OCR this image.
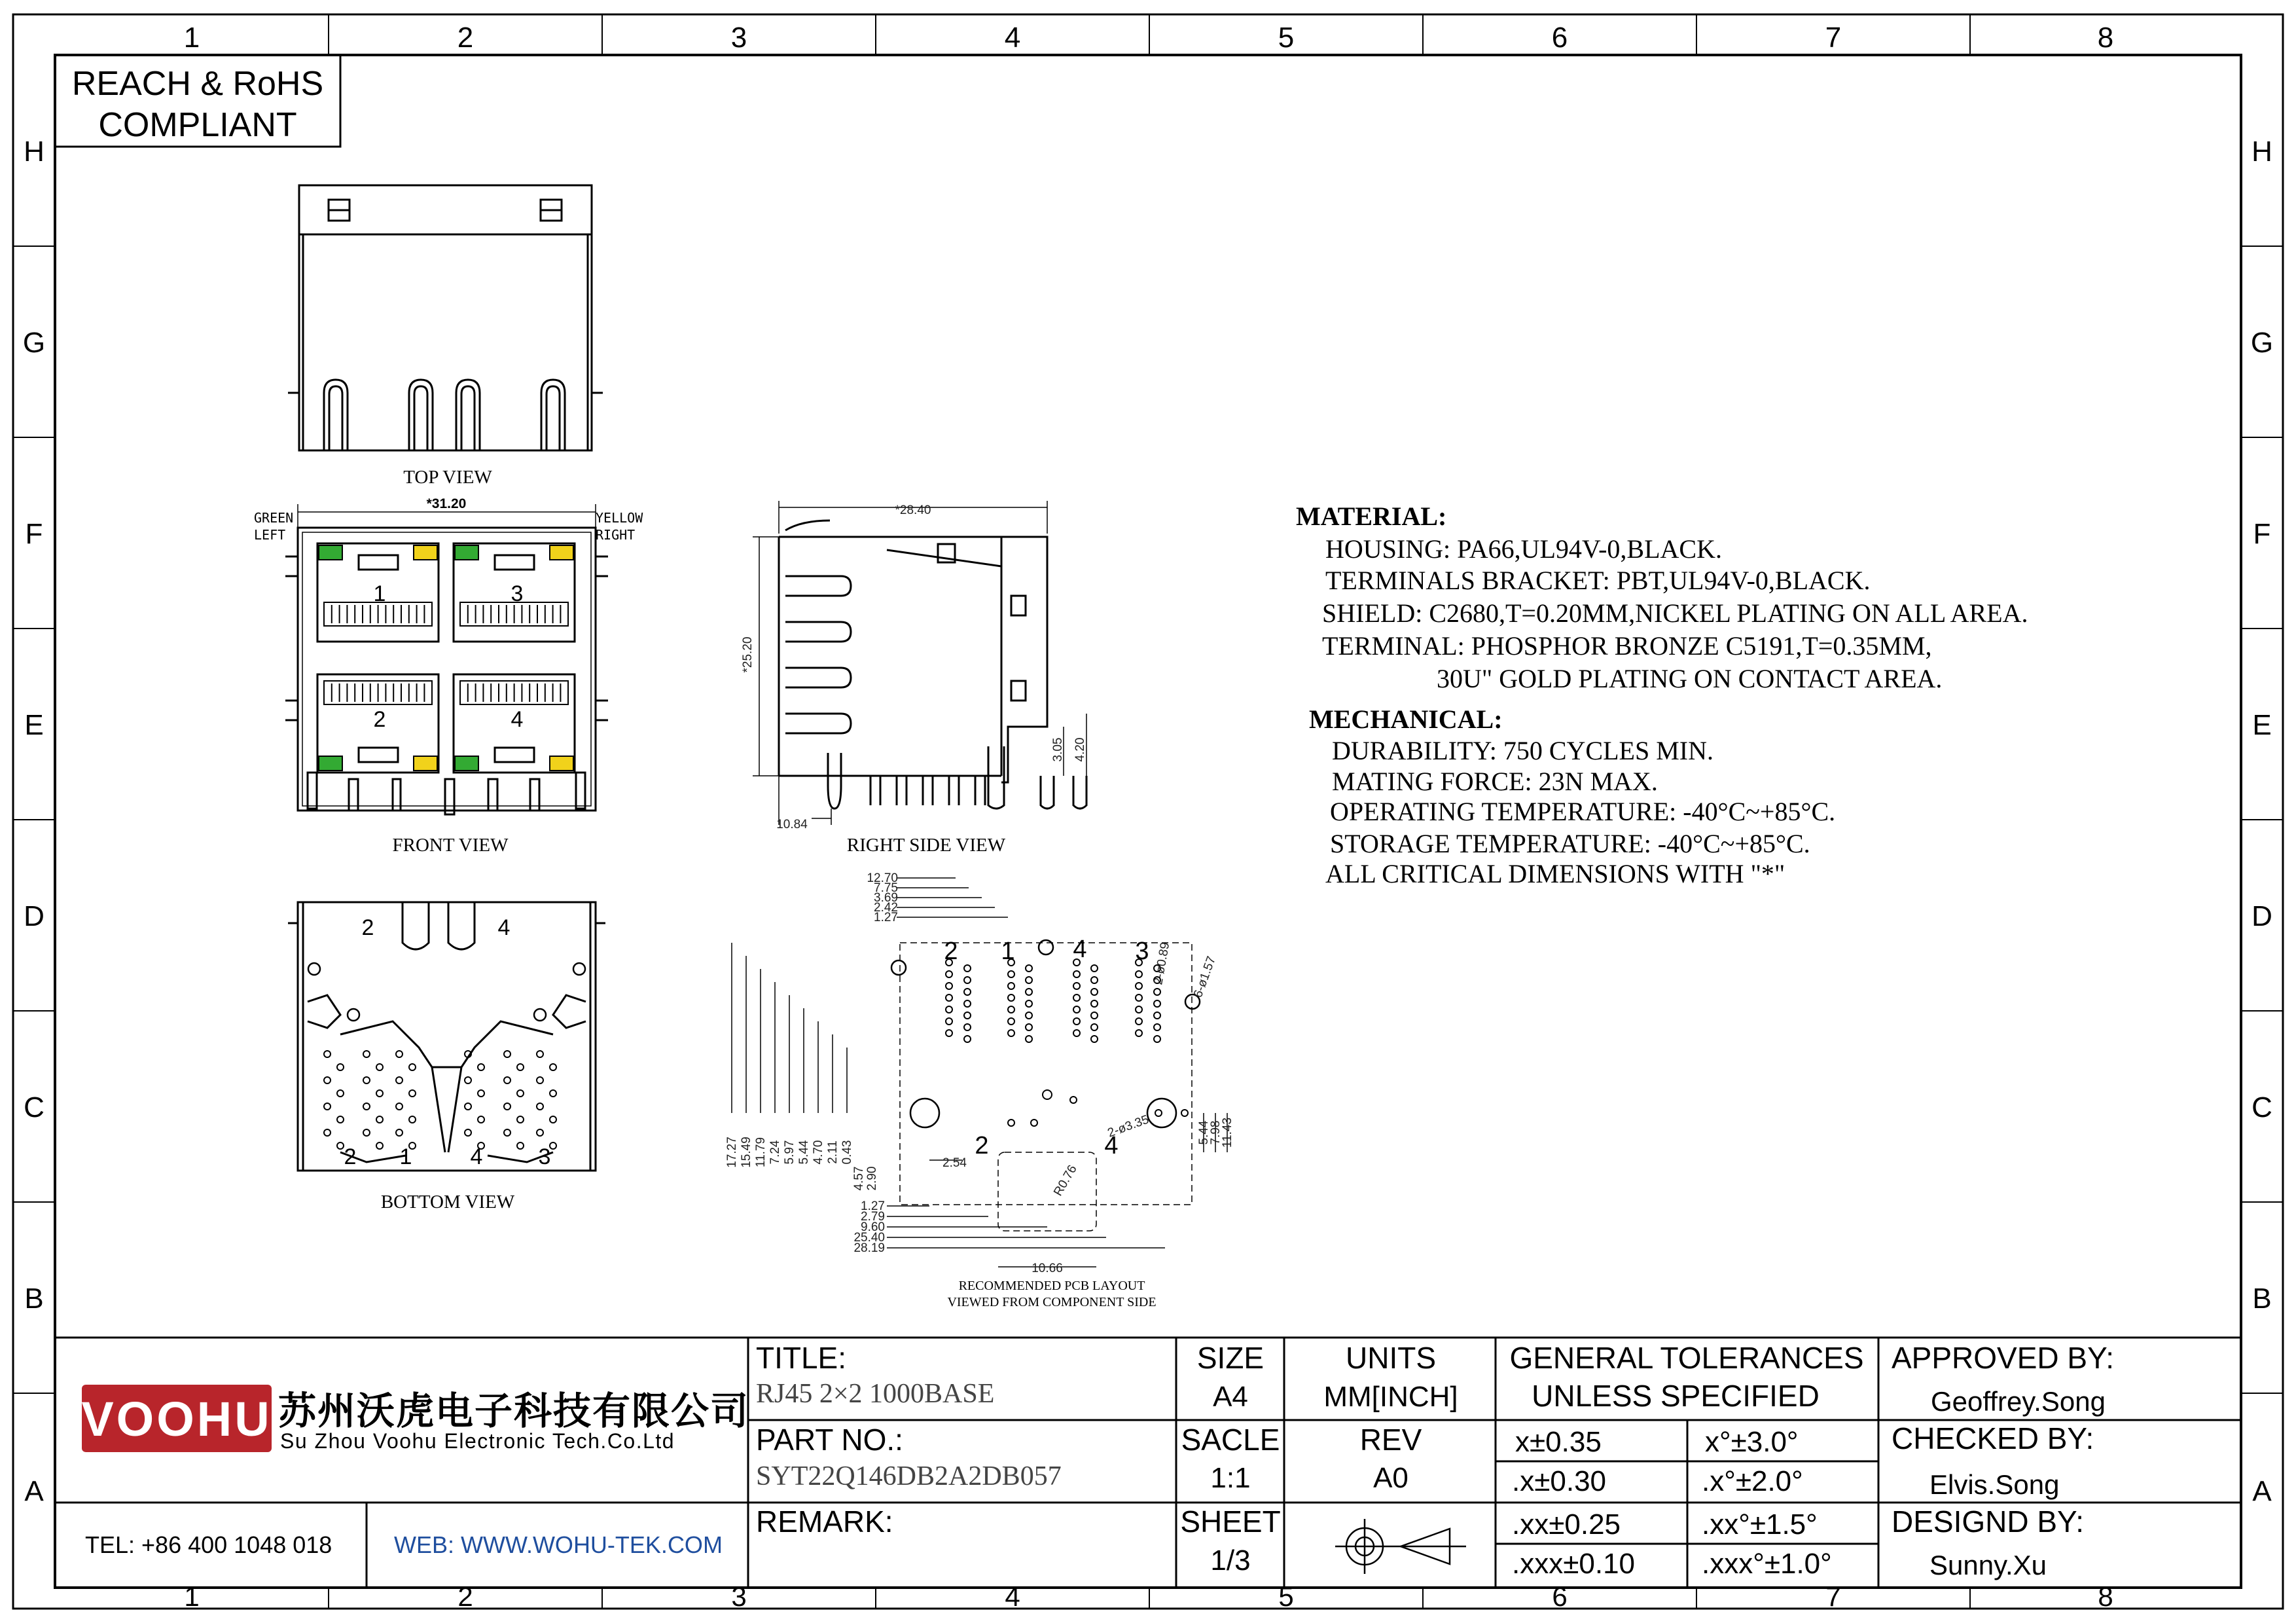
1	2	3	4	5	6	7	8
1	2	3	4	5	6	7	8
H
G
F
E
D
C
B
A
H
G
F
E
D
C
B
A
REACH & RoHS
COMPLIANT
TOP VIEW
*31.20
GREEN
LEFT
YELLOW
RIGHT
1	3
2	4
FRONT VIEW
*28.40
*25.20
3.05 4.20
10.84
RIGHT SIDE VIEW
2	4
2 1	4	3
BOTTOM VIEW
2 1 4 3
2	4
12.70
7.75
3.69
2.42
1.27
17.27 15.49 11.79 7.24 5.97 5.44 4.70 2.11 0.43
4.57 2.90
1.27
2.79
9.60
25.40
28.19
5.44
7.98
11.43
2-ø3.35
6-ø1.57
2-ø0.89
R0.76
10.66
2.54
RECOMMENDED PCB LAYOUT
VIEWED FROM COMPONENT SIDE
MATERIAL:
HOUSING: PA66,UL94V-0,BLACK.
TERMINALS BRACKET: PBT,UL94V-0,BLACK.
SHIELD: C2680,T=0.20MM,NICKEL PLATING ON ALL AREA.
TERMINAL: PHOSPHOR BRONZE C5191,T=0.35MM,
30U" GOLD PLATING ON CONTACT AREA.
MECHANICAL:
DURABILITY: 750 CYCLES MIN.
MATING FORCE: 23N MAX.
OPERATING TEMPERATURE: -40°C~+85°C.
STORAGE TEMPERATURE: -40°C~+85°C.
ALL CRITICAL DIMENSIONS WITH "*"
VOOHU 苏州沃虎电子科技有限公司
Su Zhou Voohu Electronic Tech.Co.Ltd
TEL: +86 400 1048 018	WEB: WWW.WOHU-TEK.COM
TITLE:
RJ45 2×2 1000BASE
PART NO.:
SYT22Q146DB2A2DB057
REMARK:
SIZE
A4
UNITS
MM[INCH]
SACLE
1:1
REV
A0
SHEET
1/3
GENERAL TOLERANCES
UNLESS SPECIFIED
x±0.35	x°±3.0°
.x±0.30	.x°±2.0°
.xx±0.25	.xx°±1.5°
.xxx±0.10 .xxx°±1.0°
APPROVED BY:
Geoffrey.Song
CHECKED BY:
Elvis.Song
DESIGND BY:
Sunny.Xu
